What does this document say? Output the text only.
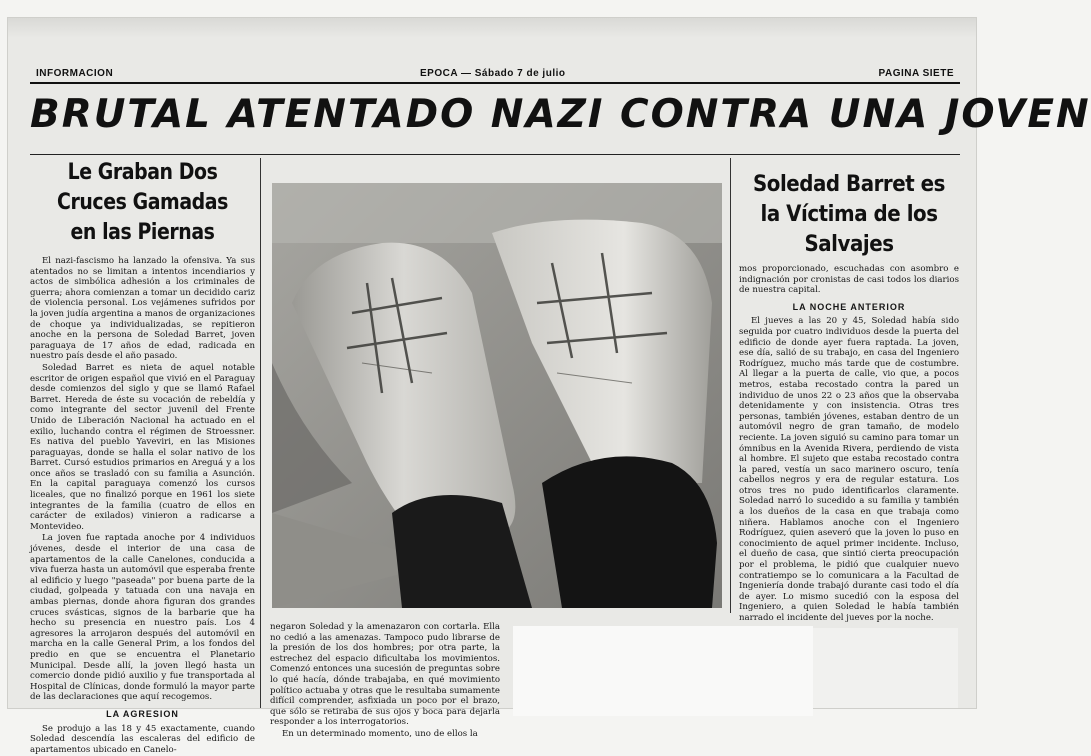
INFORMACION	EPOCA — Sábado 7 de julio	PAGINA SIETE
BRUTAL ATENTADO NAZI CONTRA UNA JOVEN
Le Graban Dos Cruces Gamadas en las Piernas

El nazi-fascismo ha lanzado la ofensiva. Ya sus atentados no se limitan a intentos incendiarios y actos de simbólica adhesión a los criminales de guerra; ahora comienzan a tomar un decidido cariz de violencia personal. Los vejámenes sufridos por la joven judía argentina a manos de organizaciones de choque ya individualizadas, se repitieron anoche en la persona de Soledad Barret, joven paraguaya de 17 años de edad, radicada en nuestro país desde el año pasado.

Soledad Barret es nieta de aquel notable escritor de origen español que vivió en el Paraguay desde comienzos del siglo y que se llamó Rafael Barret. Hereda de éste su vocación de rebeldía y como integrante del sector juvenil del Frente Unido de Liberación Nacional ha actuado en el exilio, luchando contra el régimen de Stroessner. Es nativa del pueblo Yaveviri, en las Misiones paraguayas, donde se halla el solar nativo de los Barret. Cursó estudios primarios en Areguá y a los once años se trasladó con su familia a Asunción. En la capital paraguaya comenzó los cursos liceales, que no finalizó porque en 1961 los siete integrantes de la familia (cuatro de ellos en carácter de exilados) vinieron a radicarse a Montevideo.

La joven fue raptada anoche por 4 individuos jóvenes, desde el interior de una casa de apartamentos de la calle Canelones, conducida a viva fuerza hasta un automóvil que esperaba frente al edificio y luego "paseada" por buena parte de la ciudad, golpeada y tatuada con una navaja en ambas piernas, donde ahora figuran dos grandes cruces svásticas, signos de la barbarie que ha hecho su presencia en nuestro país. Los 4 agresores la arrojaron después del automóvil en marcha en la calle General Prim, a los fondos del predio en que se encuentra el Planetario Municipal. Desde allí, la joven llegó hasta un comercio donde pidió auxilio y fue transportada al Hospital de Clínicas, donde formuló la mayor parte de las declaraciones que aquí recogemos.

LA AGRESION

Se produjo a las 18 y 45 exactamente, cuando Soledad descendía las escaleras del edificio de apartamentos ubicado en Canelo-

Soledad Barret es la Víctima de los Salvajes

mos proporcionado, escuchadas con asombro e indignación por cronistas de casi todos los diarios de nuestra capital.

LA NOCHE ANTERIOR

El jueves a las 20 y 45, Soledad había sido seguida por cuatro individuos desde la puerta del edificio de donde ayer fuera raptada. La joven, ese día, salió de su trabajo, en casa del Ingeniero Rodríguez, mucho más tarde que de costumbre. Al llegar a la puerta de calle, vio que, a pocos metros, estaba recostado contra la pared un individuo de unos 22 o 23 años que la observaba detenidamente y con insistencia. Otras tres personas, también jóvenes, estaban dentro de un automóvil negro de gran tamaño, de modelo reciente. La joven siguió su camino para tomar un ómnibus en la Avenida Rivera, perdiendo de vista al hombre. El sujeto que estaba recostado contra la pared, vestía un saco marinero oscuro, tenía cabellos negros y era de regular estatura. Los otros tres no pudo identificarlos claramente. Soledad narró lo sucedido a su familia y también a los dueños de la casa en que trabaja como niñera. Hablamos anoche con el Ingeniero Rodríguez, quien aseveró que la joven lo puso en conocimiento de aquel primer incidente. Incluso, el dueño de casa, que sintió cierta preocupación por el problema, le pidió que cualquier nuevo contratiempo se lo comunicara a la Facultad de Ingeniería donde trabajó durante casi todo el día de ayer. Lo mismo sucedió con la esposa del Ingeniero, a quien Soledad le había también narrado el incidente del jueves por la noche.

negaron Soledad y la amenazaron con cortarla. Ella no cedió a las amenazas. Tampoco pudo librarse de la presión de los dos hombres; por otra parte, la estrechez del espacio dificultaba los movimientos. Comenzó entonces una sucesión de preguntas sobre lo qué hacía, dónde trabajaba, en qué movimiento político actuaba y otras que le resultaba sumamente difícil comprender, asfixiada un poco por el brazo, que sólo se retiraba de sus ojos y boca para dejarla responder a los interrogatorios.

En un determinado momento, uno de ellos la
